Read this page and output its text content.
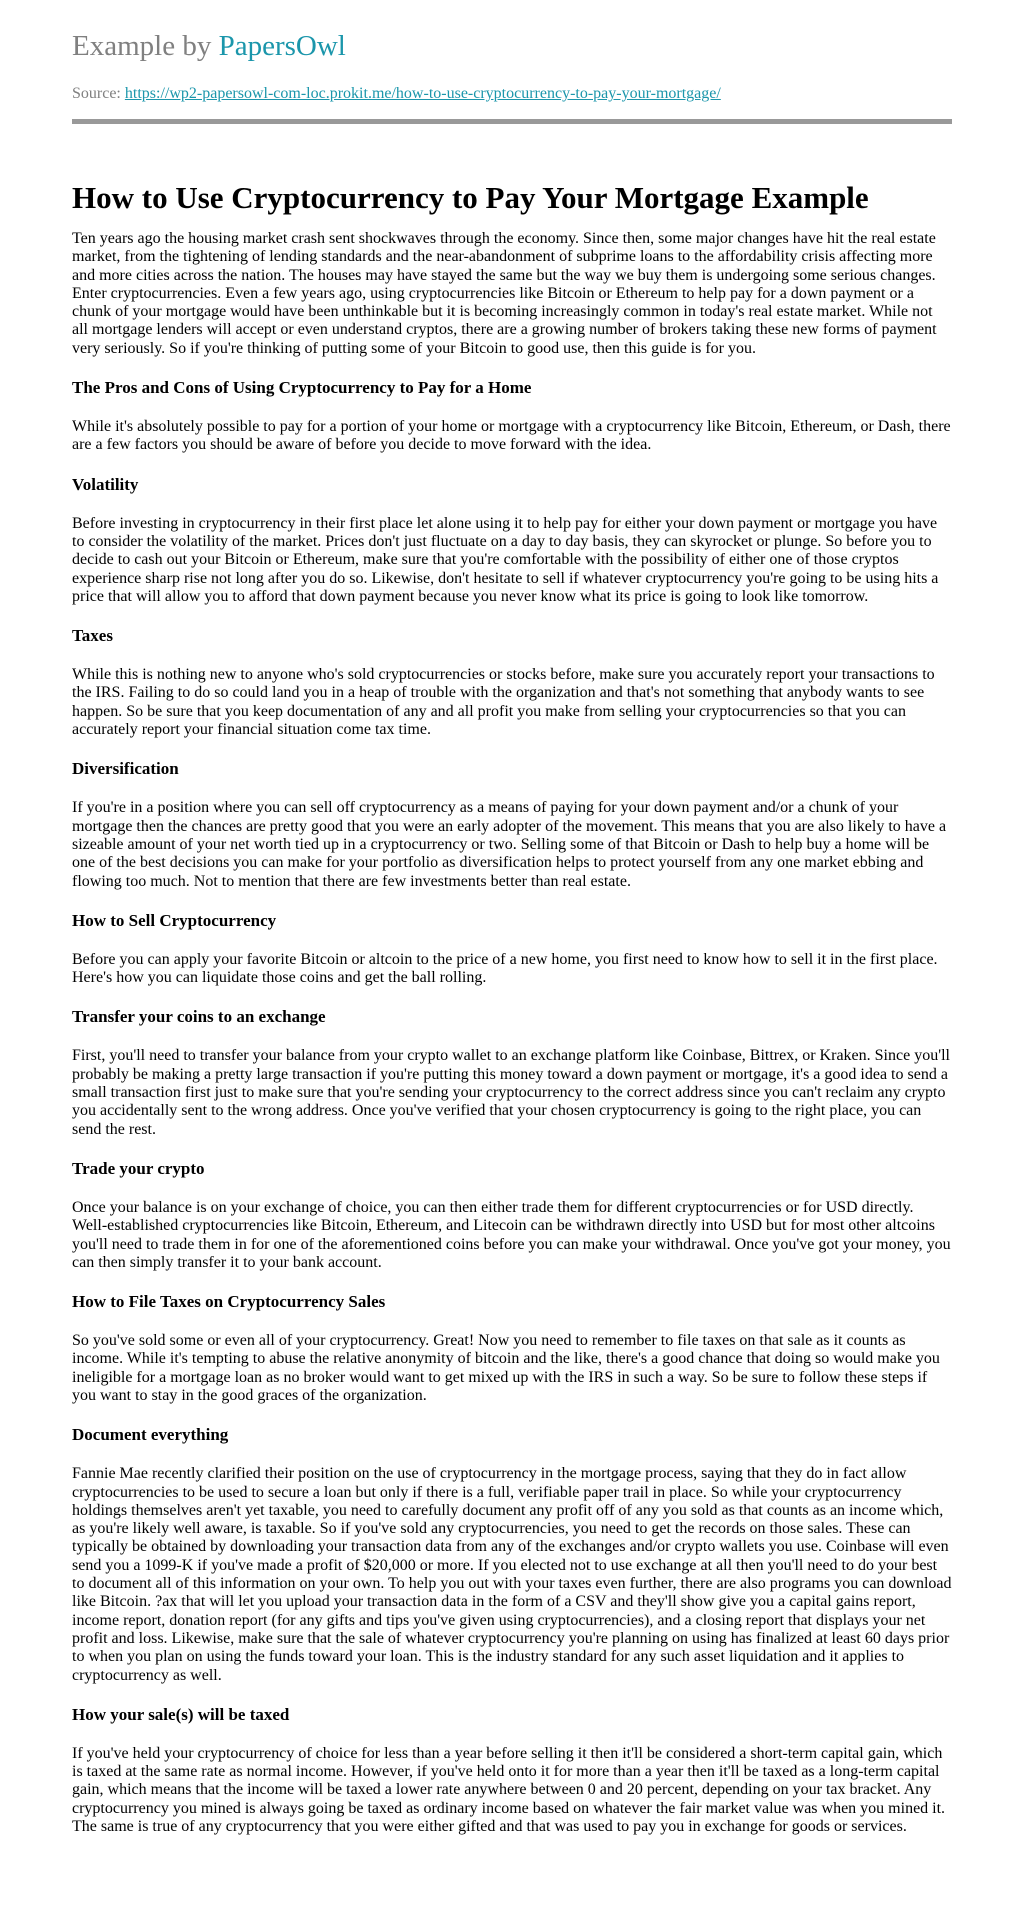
Example by PapersOwl

Source: https://wp2-papersowl-com-loc.prokit.me/how-to-use-cryptocurrency-to-pay-your-mortgage/

How to Use Cryptocurrency to Pay Your Mortgage Example

Ten years ago the housing market crash sent shockwaves through the economy. Since then, some major changes have hit the real estate market, from the tightening of lending standards and the near-abandonment of subprime loans to the affordability crisis affecting more and more cities across the nation. The houses may have stayed the same but the way we buy them is undergoing some serious changes. Enter cryptocurrencies. Even a few years ago, using cryptocurrencies like Bitcoin or Ethereum to help pay for a down payment or a chunk of your mortgage would have been unthinkable but it is becoming increasingly common in today's real estate market. While not all mortgage lenders will accept or even understand cryptos, there are a growing number of brokers taking these new forms of payment very seriously. So if you're thinking of putting some of your Bitcoin to good use, then this guide is for you.

The Pros and Cons of Using Cryptocurrency to Pay for a Home

While it's absolutely possible to pay for a portion of your home or mortgage with a cryptocurrency like Bitcoin, Ethereum, or Dash, there are a few factors you should be aware of before you decide to move forward with the idea.

Volatility

Before investing in cryptocurrency in their first place let alone using it to help pay for either your down payment or mortgage you have to consider the volatility of the market. Prices don't just fluctuate on a day to day basis, they can skyrocket or plunge. So before you to decide to cash out your Bitcoin or Ethereum, make sure that you're comfortable with the possibility of either one of those cryptos experience sharp rise not long after you do so. Likewise, don't hesitate to sell if whatever cryptocurrency you're going to be using hits a price that will allow you to afford that down payment because you never know what its price is going to look like tomorrow.

Taxes

While this is nothing new to anyone who's sold cryptocurrencies or stocks before, make sure you accurately report your transactions to the IRS. Failing to do so could land you in a heap of trouble with the organization and that's not something that anybody wants to see happen. So be sure that you keep documentation of any and all profit you make from selling your cryptocurrencies so that you can accurately report your financial situation come tax time.

Diversification

If you're in a position where you can sell off cryptocurrency as a means of paying for your down payment and/or a chunk of your mortgage then the chances are pretty good that you were an early adopter of the movement. This means that you are also likely to have a sizeable amount of your net worth tied up in a cryptocurrency or two. Selling some of that Bitcoin or Dash to help buy a home will be one of the best decisions you can make for your portfolio as diversification helps to protect yourself from any one market ebbing and flowing too much. Not to mention that there are few investments better than real estate.

How to Sell Cryptocurrency

Before you can apply your favorite Bitcoin or altcoin to the price of a new home, you first need to know how to sell it in the first place. Here's how you can liquidate those coins and get the ball rolling.

Transfer your coins to an exchange

First, you'll need to transfer your balance from your crypto wallet to an exchange platform like Coinbase, Bittrex, or Kraken. Since you'll probably be making a pretty large transaction if you're putting this money toward a down payment or mortgage, it's a good idea to send a small transaction first just to make sure that you're sending your cryptocurrency to the correct address since you can't reclaim any crypto you accidentally sent to the wrong address. Once you've verified that your chosen cryptocurrency is going to the right place, you can send the rest.

Trade your crypto

Once your balance is on your exchange of choice, you can then either trade them for different cryptocurrencies or for USD directly. Well-established cryptocurrencies like Bitcoin, Ethereum, and Litecoin can be withdrawn directly into USD but for most other altcoins you'll need to trade them in for one of the aforementioned coins before you can make your withdrawal. Once you've got your money, you can then simply transfer it to your bank account.

How to File Taxes on Cryptocurrency Sales

So you've sold some or even all of your cryptocurrency. Great! Now you need to remember to file taxes on that sale as it counts as income. While it's tempting to abuse the relative anonymity of bitcoin and the like, there's a good chance that doing so would make you ineligible for a mortgage loan as no broker would want to get mixed up with the IRS in such a way. So be sure to follow these steps if you want to stay in the good graces of the organization.

Document everything

Fannie Mae recently clarified their position on the use of cryptocurrency in the mortgage process, saying that they do in fact allow cryptocurrencies to be used to secure a loan but only if there is a full, verifiable paper trail in place. So while your cryptocurrency holdings themselves aren't yet taxable, you need to carefully document any profit off of any you sold as that counts as an income which, as you're likely well aware, is taxable. So if you've sold any cryptocurrencies, you need to get the records on those sales. These can typically be obtained by downloading your transaction data from any of the exchanges and/or crypto wallets you use. Coinbase will even send you a 1099-K if you've made a profit of $20,000 or more. If you elected not to use exchange at all then you'll need to do your best to document all of this information on your own. To help you out with your taxes even further, there are also programs you can download like Bitcoin. ?ax that will let you upload your transaction data in the form of a CSV and they'll show give you a capital gains report, income report, donation report (for any gifts and tips you've given using cryptocurrencies), and a closing report that displays your net profit and loss. Likewise, make sure that the sale of whatever cryptocurrency you're planning on using has finalized at least 60 days prior to when you plan on using the funds toward your loan. This is the industry standard for any such asset liquidation and it applies to cryptocurrency as well.

How your sale(s) will be taxed

If you've held your cryptocurrency of choice for less than a year before selling it then it'll be considered a short-term capital gain, which is taxed at the same rate as normal income. However, if you've held onto it for more than a year then it'll be taxed as a long-term capital gain, which means that the income will be taxed a lower rate anywhere between 0 and 20 percent, depending on your tax bracket. Any cryptocurrency you mined is always going be taxed as ordinary income based on whatever the fair market value was when you mined it. The same is true of any cryptocurrency that you were either gifted and that was used to pay you in exchange for goods or services.
